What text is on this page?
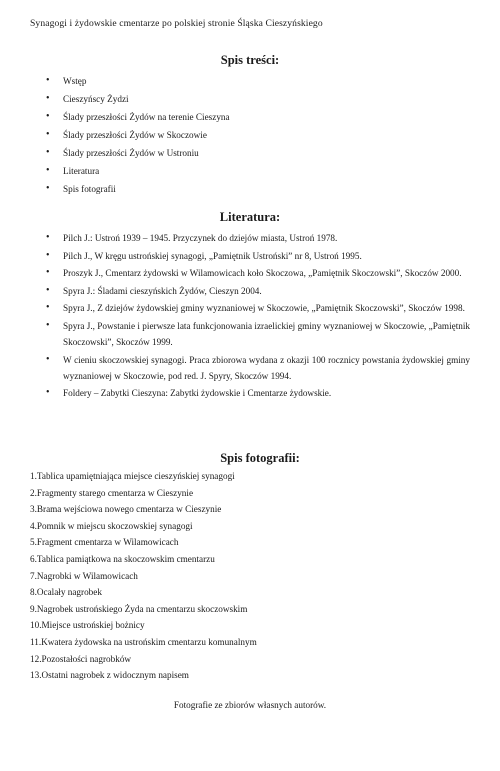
Synagogi i żydowskie cmentarze po polskiej stronie Śląska Cieszyńskiego
Spis treści:
• Wstęp
• Cieszyńscy Żydzi
• Ślady przeszłości Żydów na terenie Cieszyna
• Ślady przeszłości Żydów w Skoczowie
• Ślady przeszłości Żydów w Ustroniu
• Literatura
• Spis fotografii
Literatura:
• Pilch J.: Ustroń 1939 – 1945. Przyczynek do dziejów miasta, Ustroń 1978.
• Pilch J., W kręgu ustrońskiej synagogi, „Pamiętnik Ustroński” nr 8, Ustroń 1995.
• Proszyk J., Cmentarz żydowski w Wilamowicach koło Skoczowa, „Pamiętnik Skoczowski”, Skoczów 2000.
• Spyra J.: Śladami cieszyńskich Żydów, Cieszyn 2004.
• Spyra J., Z dziejów żydowskiej gminy wyznaniowej w Skoczowie, „Pamiętnik Skoczowski”, Skoczów 1998.
• Spyra J., Powstanie i pierwsze lata funkcjonowania izraelickiej gminy wyznaniowej w Skoczowie, „Pamiętnik Skoczowski”, Skoczów 1999.
• W cieniu skoczowskiej synagogi. Praca zbiorowa wydana z okazji 100 rocznicy powstania żydowskiej gminy wyznaniowej w Skoczowie, pod red. J. Spyry, Skoczów 1994.
• Foldery – Zabytki Cieszyna: Zabytki żydowskie i Cmentarze żydowskie.
Spis fotografii:
1.Tablica upamiętniająca miejsce cieszyńskiej synagogi
2.Fragmenty starego cmentarza w Cieszynie
3.Brama wejściowa nowego cmentarza w Cieszynie
4.Pomnik w miejscu skoczowskiej synagogi
5.Fragment cmentarza w Wilamowicach
6.Tablica pamiątkowa na skoczowskim cmentarzu
7.Nagrobki w Wilamowicach
8.Ocalały nagrobek
9.Nagrobek ustrońskiego Żyda na cmentarzu skoczowskim
10.Miejsce ustrońskiej bożnicy
11.Kwatera żydowska na ustrońskim cmentarzu komunalnym
12.Pozostałości nagrobków
13.Ostatni nagrobek z widocznym napisem
Fotografie ze zbiorów własnych autorów.
